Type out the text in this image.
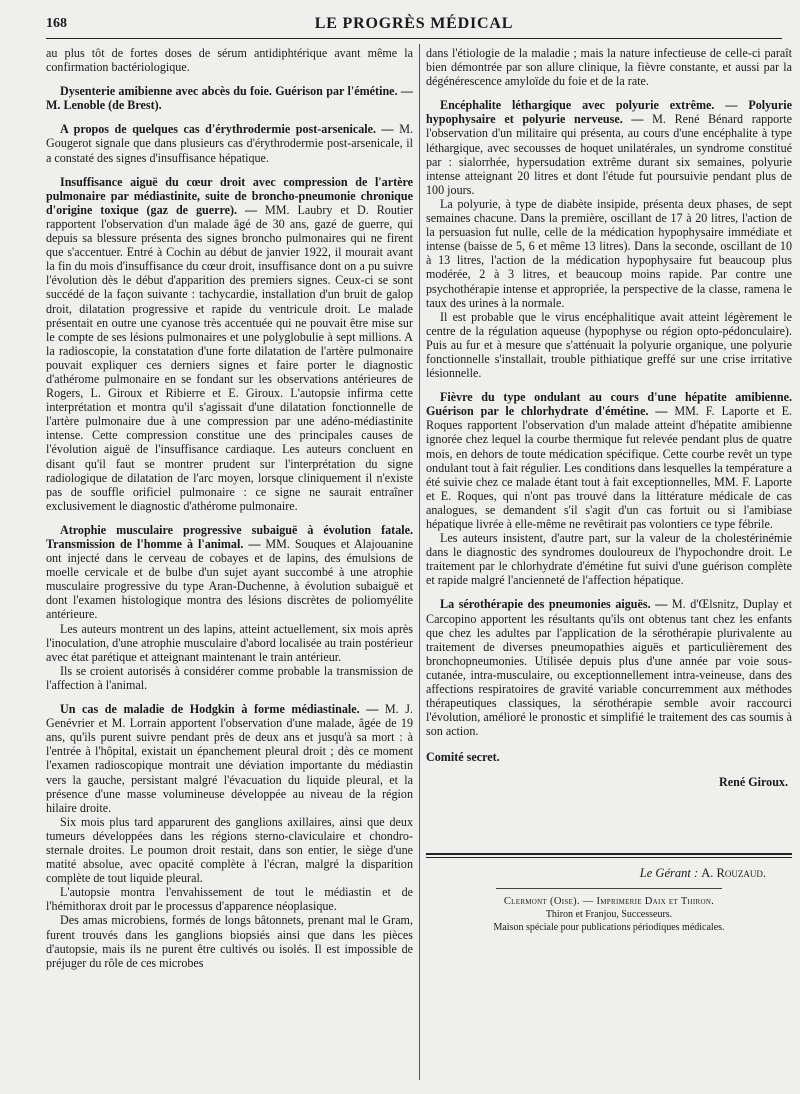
168	LE PROGRÈS MÉDICAL

au plus tôt de fortes doses de sérum antidiphtérique avant même la confirmation bactériologique.

Dysenterie amibienne avec abcès du foie. Guérison par l'émétine. — M. Lenoble (de Brest).

A propos de quelques cas d'érythrodermie post-arsenicale. — M. Gougerot signale que dans plusieurs cas d'érythrodermie post-arsenicale, il a constaté des signes d'insuffisance hépatique.

Insuffisance aiguë du cœur droit avec compression de l'artère pulmonaire par médiastinite, suite de broncho-pneumonie chronique d'origine toxique (gaz de guerre). — MM. Laubry et D. Routier rapportent l'observation d'un malade âgé de 30 ans, gazé de guerre, qui depuis sa blessure présenta des signes broncho pulmonaires qui ne firent que s'accentuer. Entré à Cochin au début de janvier 1922, il mourait avant la fin du mois d'insuffisance du cœur droit, insuffisance dont on a pu suivre l'évolution dès le début d'apparition des premiers signes. Ceux-ci se sont succédé de la façon suivante : tachycardie, installation d'un bruit de galop droit, dilatation progressive et rapide du ventricule droit. Le malade présentait en outre une cyanose très accentuée qui ne pouvait être mise sur le compte de ses lésions pulmonaires et une polyglobulie à sept millions. A la radioscopie, la constatation d'une forte dilatation de l'artère pulmonaire pouvait expliquer ces derniers signes et faire porter le diagnostic d'athérome pulmonaire en se fondant sur les observations antérieures de Rogers, L. Giroux et Ribierre et E. Giroux. L'autopsie infirma cette interprétation et montra qu'il s'agissait d'une dilatation fonctionnelle de l'artère pulmonaire due à une compression par une adéno-médiastinite intense. Cette compression constitue une des principales causes de l'évolution aiguë de l'insuffisance cardiaque. Les auteurs concluent en disant qu'il faut se montrer prudent sur l'interprétation du signe radiologique de dilatation de l'arc moyen, lorsque cliniquement il n'existe pas de souffle orificiel pulmonaire : ce signe ne saurait entraîner exclusivement le diagnostic d'athérome pulmonaire.

Atrophie musculaire progressive subaiguë à évolution fatale. Transmission de l'homme à l'animal. — MM. Souques et Alajouanine ont injecté dans le cerveau de cobayes et de lapins, des émulsions de moelle cervicale et de bulbe d'un sujet ayant succombé à une atrophie musculaire progressive du type Aran-Duchenne, à évolution subaiguë et dont l'examen histologique montra des lésions discrètes de poliomyélite antérieure.

Les auteurs montrent un des lapins, atteint actuellement, six mois après l'inoculation, d'une atrophie musculaire d'abord localisée au train postérieur avec état parétique et atteignant maintenant le train antérieur.

Ils se croient autorisés à considérer comme probable la transmission de l'affection à l'animal.

Un cas de maladie de Hodgkin à forme médiastinale. — M. J. Genévrier et M. Lorrain apportent l'observation d'une malade, âgée de 19 ans, qu'ils purent suivre pendant près de deux ans et jusqu'à sa mort : à l'entrée à l'hôpital, existait un épanchement pleural droit ; dès ce moment l'examen radioscopique montrait une déviation importante du médiastin vers la gauche, persistant malgré l'évacuation du liquide pleural, et la présence d'une masse volumineuse développée au niveau de la région hilaire droite.

Six mois plus tard apparurent des ganglions axillaires, ainsi que deux tumeurs développées dans les régions sterno-claviculaire et chondro-sternale droites. Le poumon droit restait, dans son entier, le siège d'une matité absolue, avec opacité complète à l'écran, malgré la disparition complète de tout liquide pleural.

L'autopsie montra l'envahissement de tout le médiastin et de l'hémithorax droit par le processus d'apparence néoplasique.

Des amas microbiens, formés de longs bâtonnets, prenant mal le Gram, furent trouvés dans les ganglions biopsiés ainsi que dans les pièces d'autopsie, mais ils ne purent être cultivés ou isolés. Il est impossible de préjuger du rôle de ces microbes

dans l'étiologie de la maladie ; mais la nature infectieuse de celle-ci paraît bien démontrée par son allure clinique, la fièvre constante, et aussi par la dégénérescence amyloïde du foie et de la rate.

Encéphalite léthargique avec polyurie extrême. — Polyurie hypophysaire et polyurie nerveuse. — M. René Bénard rapporte l'observation d'un militaire qui présenta, au cours d'une encéphalite à type léthargique, avec secousses de hoquet unilatérales, un syndrome constitué par : sialorrhée, hypersudation extrême durant six semaines, polyurie intense atteignant 20 litres et dont l'étude fut poursuivie pendant plus de 100 jours.

La polyurie, à type de diabète insipide, présenta deux phases, de sept semaines chacune. Dans la première, oscillant de 17 à 20 litres, l'action de la persuasion fut nulle, celle de la médication hypophysaire immédiate et intense (baisse de 5, 6 et même 13 litres). Dans la seconde, oscillant de 10 à 13 litres, l'action de la médication hypophysaire fut beaucoup plus modérée, 2 à 3 litres, et beaucoup moins rapide. Par contre une psychothérapie intense et appropriée, la perspective de la classe, ramena le taux des urines à la normale.

Il est probable que le virus encéphalitique avait atteint légèrement le centre de la régulation aqueuse (hypophyse ou région opto-pédonculaire). Puis au fur et à mesure que s'atténuait la polyurie organique, une polyurie fonctionnelle s'installait, trouble pithiatique greffé sur une crise irritative lésionnelle.

Fièvre du type ondulant au cours d'une hépatite amibienne. Guérison par le chlorhydrate d'émétine. — MM. F. Laporte et E. Roques rapportent l'observation d'un malade atteint d'hépatite amibienne ignorée chez lequel la courbe thermique fut relevée pendant plus de quatre mois, en dehors de toute médication spécifique. Cette courbe revêt un type ondulant tout à fait régulier. Les conditions dans lesquelles la température a été suivie chez ce malade étant tout à fait exceptionnelles, MM. F. Laporte et E. Roques, qui n'ont pas trouvé dans la littérature médicale de cas analogues, se demandent s'il s'agit d'un cas fortuit ou si l'amibiase hépatique livrée à elle-même ne revêtirait pas volontiers ce type fébrile.

Les auteurs insistent, d'autre part, sur la valeur de la cholestérinémie dans le diagnostic des syndromes douloureux de l'hypochondre droit. Le traitement par le chlorhydrate d'émétine fut suivi d'une guérison complète et rapide malgré l'ancienneté de l'affection hépatique.

La sérothérapie des pneumonies aiguës. — M. d'Œlsnitz, Duplay et Carcopino apportent les résultants qu'ils ont obtenus tant chez les enfants que chez les adultes par l'application de la sérothérapie plurivalente au traitement de diverses pneumopathies aiguës et particulièrement des bronchopneumonies. Utilisée depuis plus d'une année par voie sous-cutanée, intra-musculaire, ou exceptionnellement intra-veineuse, dans des affections respiratoires de gravité variable concurremment aux méthodes thérapeutiques classiques, la sérothérapie semble avoir raccourci l'évolution, amélioré le pronostic et simplifié le traitement des cas soumis à son action.

Comité secret.

René Giroux.
Le Gérant : A. Rouzaud.
Clermont (Oise). — Imprimerie Daix et Thiron.
Thiron et Franjou, Successeurs.
Maison spéciale pour publications périodiques médicales.
